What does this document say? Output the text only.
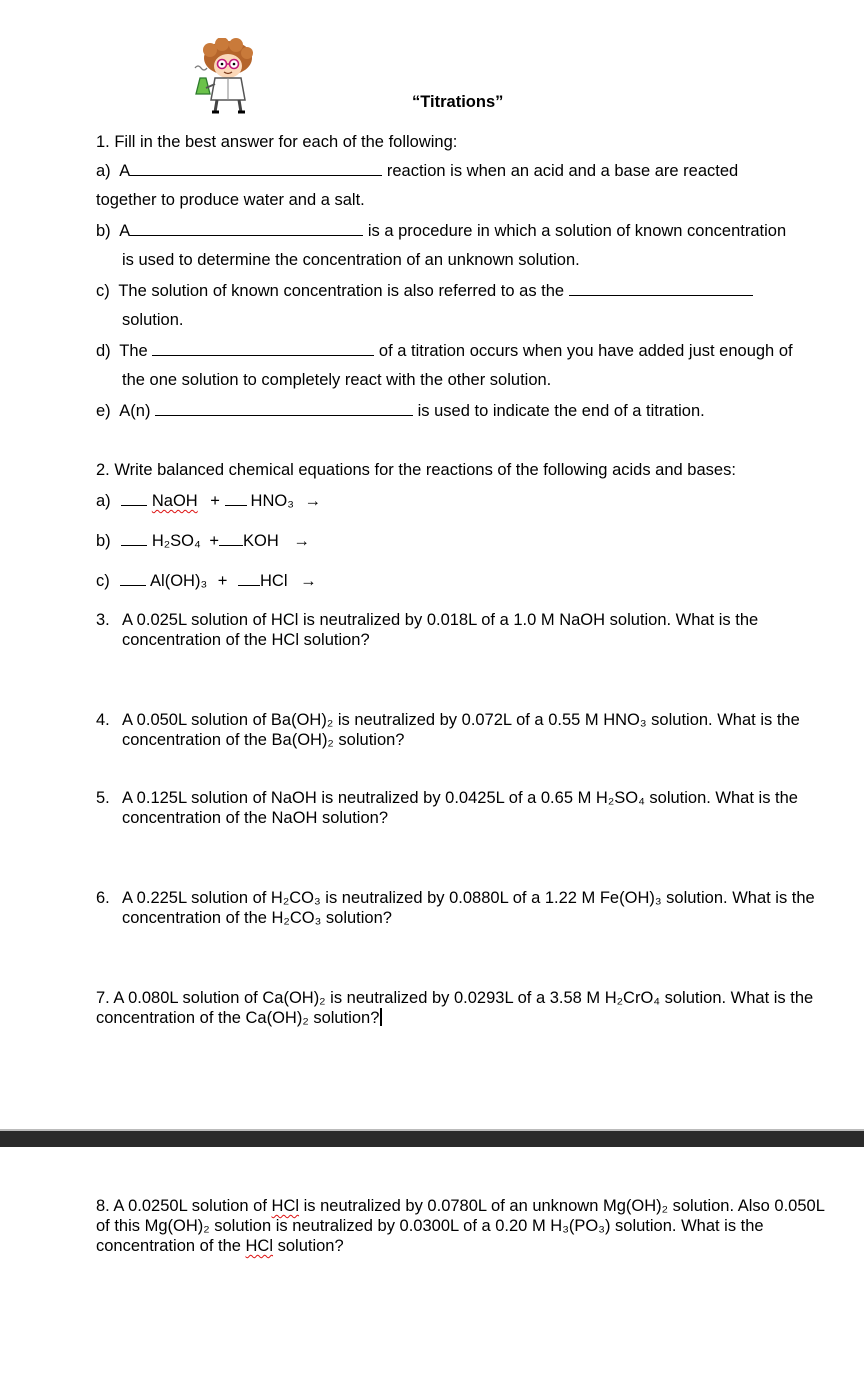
“Titrations”
1. Fill in the best answer for each of the following:
a) A	reaction is when an acid and a base are reacted
together to produce water and a salt.
b) A	is a procedure in which a solution of known concentration
is used to determine the concentration of an unknown solution.
c) The solution of known concentration is also referred to as the
solution.
d) The	of a titration occurs when you have added just enough of
the one solution to completely react with the other solution.
e) A(n)	is used to indicate the end of a titration.
2. Write balanced chemical equations for the reactions of the following acids and bases:
a) NaOH + HNO₃ →
b) H₂SO₄ + KOH →
c) Al(OH)₃ + HCl →
3. A 0.025L solution of HCl is neutralized by 0.018L of a 1.0 M NaOH solution. What is the concentration of the HCl solution?
4. A 0.050L solution of Ba(OH)₂ is neutralized by 0.072L of a 0.55 M HNO₃ solution. What is the concentration of the Ba(OH)₂ solution?
5. A 0.125L solution of NaOH is neutralized by 0.0425L of a 0.65 M H₂SO₄ solution. What is the concentration of the NaOH solution?
6. A 0.225L solution of H₂CO₃ is neutralized by 0.0880L of a 1.22 M Fe(OH)₃ solution. What is the concentration of the H₂CO₃ solution?
7. A 0.080L solution of Ca(OH)₂ is neutralized by 0.0293L of a 3.58 M H₂CrO₄ solution. What is the concentration of the Ca(OH)₂ solution?
8. A 0.0250L solution of HCl is neutralized by 0.0780L of an unknown Mg(OH)₂ solution. Also 0.050L of this Mg(OH)₂ solution is neutralized by 0.0300L of a 0.20 M H₃(PO₃) solution. What is the concentration of the HCl solution?
